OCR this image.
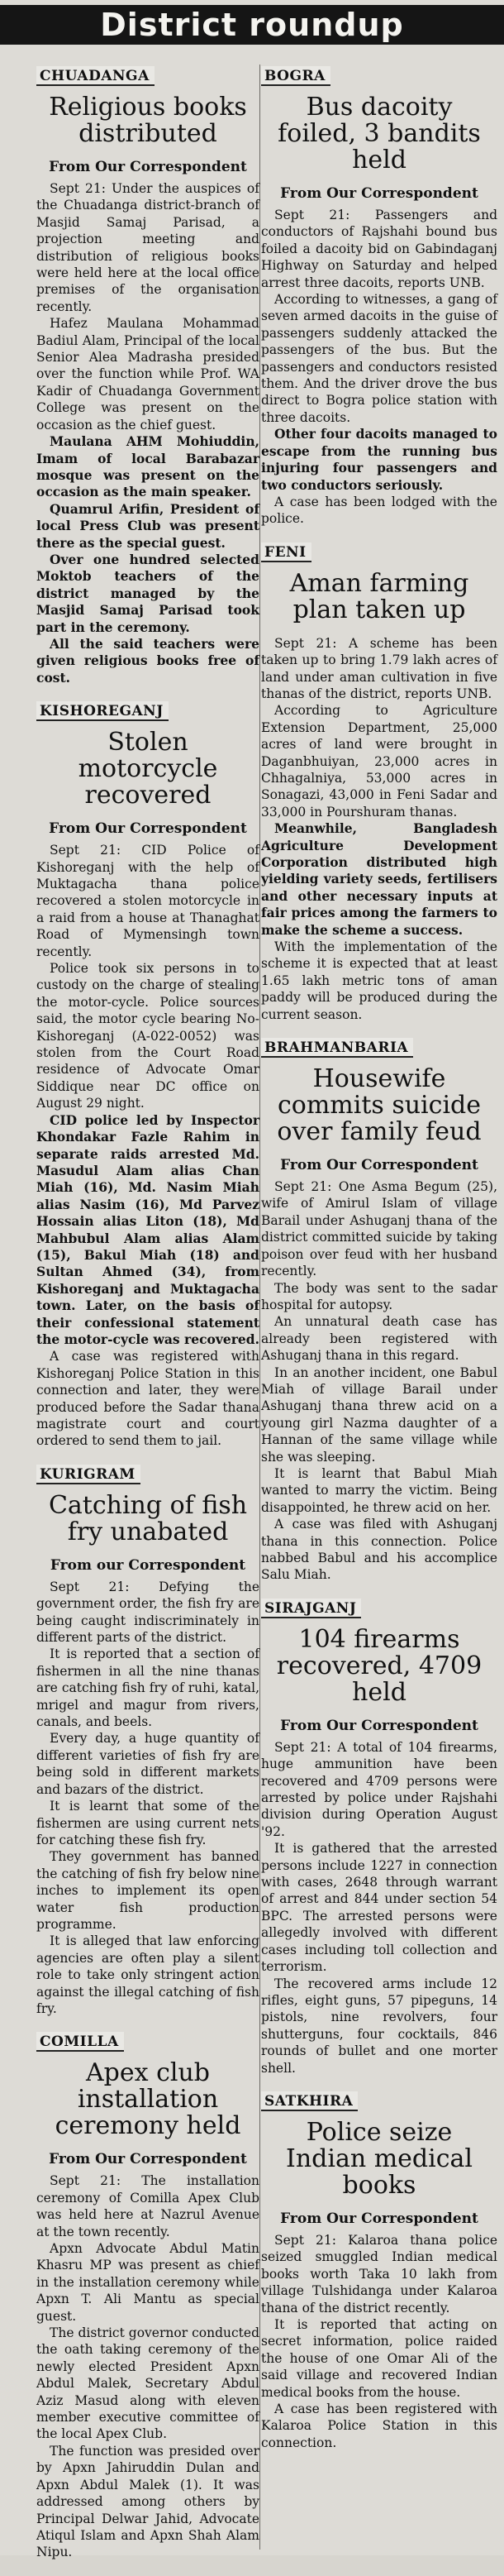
District roundup
CHUADANGA
Religious books distributed
From Our Correspondent

Sept 21: Under the auspices of the Chuadanga district-branch of Masjid Samaj Parisad, a projection meeting and distribution of religious books were held here at the local office premises of the organisation recently.

Hafez Maulana Mohammad Badiul Alam, Principal of the local Senior Alea Madrasha presided over the function while Prof. WA Kadir of Chuadanga Government College was present on the occasion as the chief guest.

Maulana AHM Mohiuddin, Imam of local Barabazar mosque was present on the occasion as the main speaker.

Quamrul Arifin, President of local Press Club was present there as the special guest.

Over one hundred selected Moktob teachers of the district managed by the Masjid Samaj Parisad took part in the ceremony.

All the said teachers were given religious books free of cost.

KISHOREGANJ
Stolen motorcycle recovered
From Our Correspondent

Sept 21: CID Police of Kishoreganj with the help of Muktagacha thana police recovered a stolen motorcycle in a raid from a house at Thanaghat Road of Mymensingh town recently.

Police took six persons in to custody on the charge of stealing the motor-cycle. Police sources said, the motor cycle bearing No-Kishoreganj (A-022-0052) was stolen from the Court Road residence of Advocate Omar Siddique near DC office on August 29 night.

CID police led by Inspector Khondakar Fazle Rahim in separate raids arrested Md. Masudul Alam alias Chan Miah (16), Md. Nasim Miah alias Nasim (16), Md Parvez Hossain alias Liton (18), Md Mahbubul Alam alias Alam (15), Bakul Miah (18) and Sultan Ahmed (34), from Kishoreganj and Muktagacha town. Later, on the basis of their confessional statement the motor-cycle was recovered.

A case was registered with Kishoreganj Police Station in this connection and later, they were produced before the Sadar thana magistrate court and court ordered to send them to jail.

KURIGRAM
Catching of fish fry unabated
From our Correspondent

Sept 21: Defying the government order, the fish fry are being caught indiscriminately in different parts of the district.

It is reported that a section of fishermen in all the nine thanas are catching fish fry of ruhi, katal, mrigel and magur from rivers, canals, and beels.

Every day, a huge quantity of different varieties of fish fry are being sold in different markets and bazars of the district.

It is learnt that some of the fishermen are using current nets for catching these fish fry.

They government has banned the catching of fish fry below nine inches to implement its open water fish production programme.

It is alleged that law enforcing agencies are often play a silent role to take only stringent action against the illegal catching of fish fry.

COMILLA
Apex club installation ceremony held
From Our Correspondent

Sept 21: The installation ceremony of Comilla Apex Club was held here at Nazrul Avenue at the town recently.

Apxn Advocate Abdul Matin Khasru MP was present as chief in the installation ceremony while Apxn T. Ali Mantu as special guest.

The district governor conducted the oath taking ceremony of the newly elected President Apxn Abdul Malek, Secretary Abdul Aziz Masud along with eleven member executive committee of the local Apex Club.

The function was presided over by Apxn Jahiruddin Dulan and Apxn Abdul Malek (1). It was addressed among others by Principal Delwar Jahid, Advocate Atiqul Islam and Apxn Shah Alam Nipu.

BOGRA
Bus dacoity foiled, 3 bandits held
From Our Correspondent

Sept 21: Passengers and conductors of Rajshahi bound bus foiled a dacoity bid on Gabindaganj Highway on Saturday and helped arrest three dacoits, reports UNB.

According to witnesses, a gang of seven armed dacoits in the guise of passengers suddenly attacked the passengers of the bus. But the passengers and conductors resisted them. And the driver drove the bus direct to Bogra police station with three dacoits.

Other four dacoits managed to escape from the running bus injuring four passengers and two conductors seriously.

A case has been lodged with the police.

FENI
Aman farming plan taken up

Sept 21: A scheme has been taken up to bring 1.79 lakh acres of land under aman cultivation in five thanas of the district, reports UNB.

According to Agriculture Extension Department, 25,000 acres of land were brought in Daganbhuiyan, 23,000 acres in Chhagalniya, 53,000 acres in Sonagazi, 43,000 in Feni Sadar and 33,000 in Pourshuram thanas.

Meanwhile, Bangladesh Agriculture Development Corporation distributed high yielding variety seeds, fertilisers and other necessary inputs at fair prices among the farmers to make the scheme a success.

With the implementation of the scheme it is expected that at least 1.65 lakh metric tons of aman paddy will be produced during the current season.

BRAHMANBARIA
Housewife commits suicide over family feud
From Our Correspondent

Sept 21: One Asma Begum (25), wife of Amirul Islam of village Barail under Ashuganj thana of the district committed suicide by taking poison over feud with her husband recently.

The body was sent to the sadar hospital for autopsy.

An unnatural death case has already been registered with Ashuganj thana in this regard.

In an another incident, one Babul Miah of village Barail under Ashuganj thana threw acid on a young girl Nazma daughter of a Hannan of the same village while she was sleeping.

It is learnt that Babul Miah wanted to marry the victim. Being disappointed, he threw acid on her.

A case was filed with Ashuganj thana in this connection. Police nabbed Babul and his accomplice Salu Miah.

SIRAJGANJ
104 firearms recovered, 4709 held
From Our Correspondent

Sept 21: A total of 104 firearms, huge ammunition have been recovered and 4709 persons were arrested by police under Rajshahi division during Operation August '92.

It is gathered that the arrested persons include 1227 in connection with cases, 2648 through warrant of arrest and 844 under section 54 BPC. The arrested persons were allegedly involved with different cases including toll collection and terrorism.

The recovered arms include 12 rifles, eight guns, 57 pipeguns, 14 pistols, nine revolvers, four shutterguns, four cocktails, 846 rounds of bullet and one morter shell.

SATKHIRA
Police seize Indian medical books
From Our Correspondent

Sept 21: Kalaroa thana police seized smuggled Indian medical books worth Taka 10 lakh from village Tulshidanga under Kalaroa thana of the district recently.

It is reported that acting on secret information, police raided the house of one Omar Ali of the said village and recovered Indian medical books from the house.

A case has been registered with Kalaroa Police Station in this connection.
